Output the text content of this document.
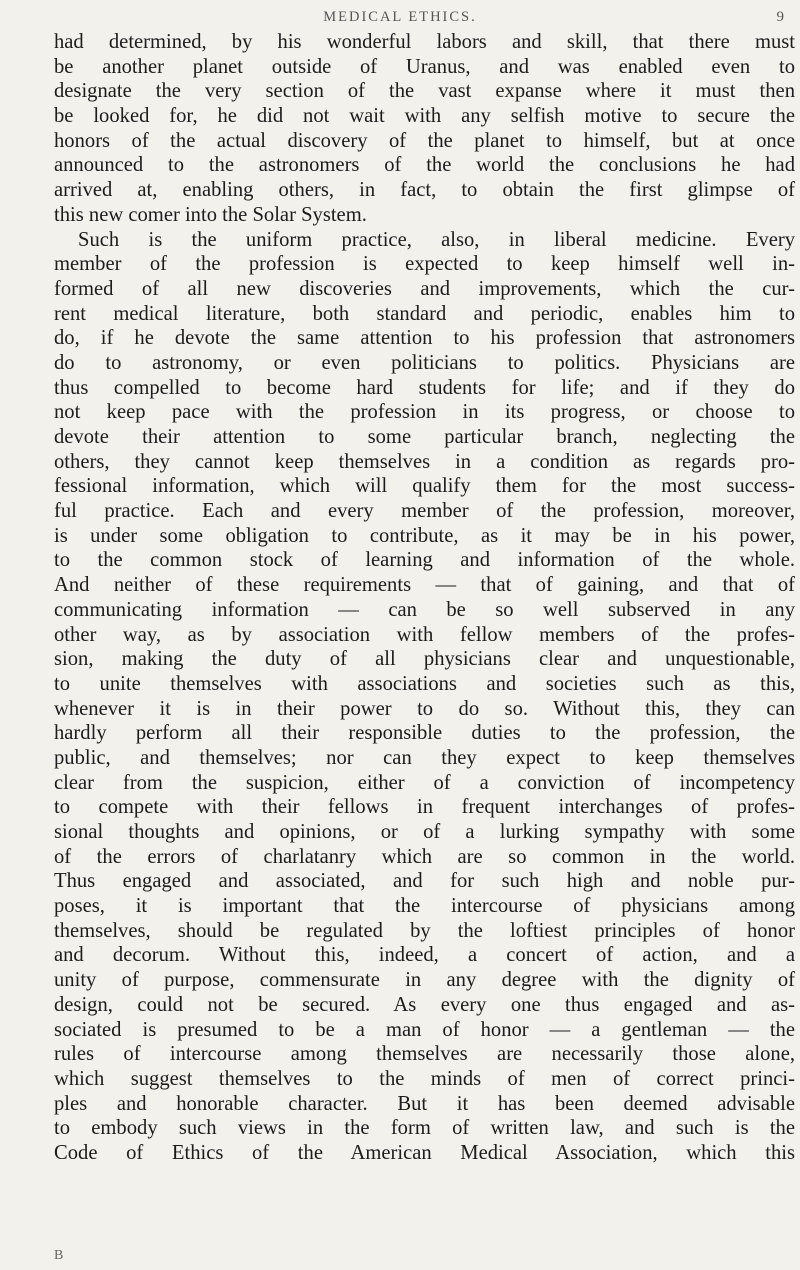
MEDICAL ETHICS.	9
had determined, by his wonderful labors and skill, that there must
be another planet outside of Uranus, and was enabled even to
designate the very section of the vast expanse where it must then
be looked for, he did not wait with any selfish motive to secure the
honors of the actual discovery of the planet to himself, but at once
announced to the astronomers of the world the conclusions he had
arrived at, enabling others, in fact, to obtain the first glimpse of
this new comer into the Solar System.
Such is the uniform practice, also, in liberal medicine. Every
member of the profession is expected to keep himself well in-
formed of all new discoveries and improvements, which the cur-
rent medical literature, both standard and periodic, enables him to
do, if he devote the same attention to his profession that astronomers
do to astronomy, or even politicians to politics. Physicians are
thus compelled to become hard students for life; and if they do
not keep pace with the profession in its progress, or choose to
devote their attention to some particular branch, neglecting the
others, they cannot keep themselves in a condition as regards pro-
fessional information, which will qualify them for the most success-
ful practice. Each and every member of the profession, moreover,
is under some obligation to contribute, as it may be in his power,
to the common stock of learning and information of the whole.
And neither of these requirements — that of gaining, and that of
communicating information — can be so well subserved in any
other way, as by association with fellow members of the profes-
sion, making the duty of all physicians clear and unquestionable,
to unite themselves with associations and societies such as this,
whenever it is in their power to do so. Without this, they can
hardly perform all their responsible duties to the profession, the
public, and themselves; nor can they expect to keep themselves
clear from the suspicion, either of a conviction of incompetency
to compete with their fellows in frequent interchanges of profes-
sional thoughts and opinions, or of a lurking sympathy with some
of the errors of charlatanry which are so common in the world.
Thus engaged and associated, and for such high and noble pur-
poses, it is important that the intercourse of physicians among
themselves, should be regulated by the loftiest principles of honor
and decorum. Without this, indeed, a concert of action, and a
unity of purpose, commensurate in any degree with the dignity of
design, could not be secured. As every one thus engaged and as-
sociated is presumed to be a man of honor — a gentleman — the
rules of intercourse among themselves are necessarily those alone,
which suggest themselves to the minds of men of correct princi-
ples and honorable character. But it has been deemed advisable
to embody such views in the form of written law, and such is the
Code of Ethics of the American Medical Association, which this
B
